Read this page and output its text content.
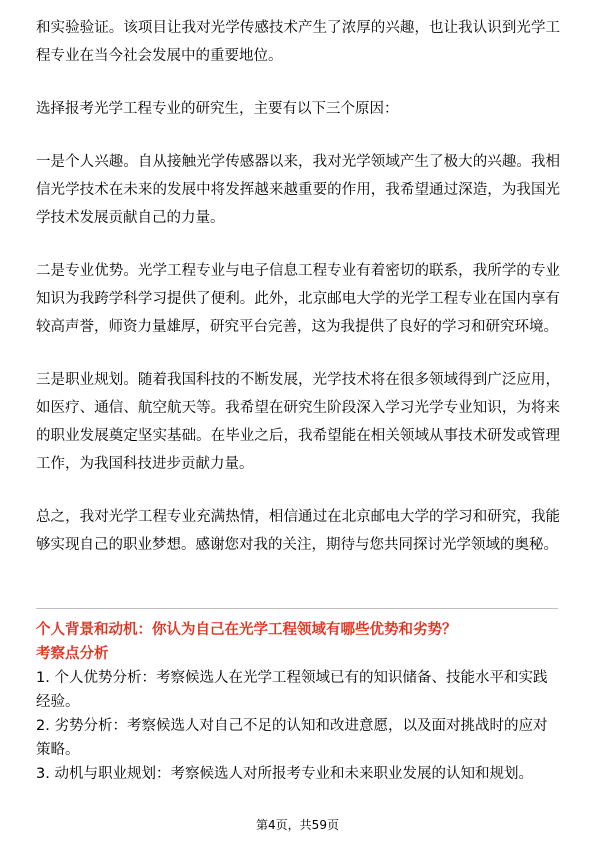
和实验验证。该项目让我对光学传感技术产生了浓厚的兴趣，也让我认识到光学工程专业在当今社会发展中的重要地位。

选择报考光学工程专业的研究生，主要有以下三个原因：

一是个人兴趣。自从接触光学传感器以来，我对光学领域产生了极大的兴趣。我相信光学技术在未来的发展中将发挥越来越重要的作用，我希望通过深造，为我国光学技术发展贡献自己的力量。

二是专业优势。光学工程专业与电子信息工程专业有着密切的联系，我所学的专业知识为我跨学科学习提供了便利。此外，北京邮电大学的光学工程专业在国内享有较高声誉，师资力量雄厚，研究平台完善，这为我提供了良好的学习和研究环境。

三是职业规划。随着我国科技的不断发展，光学技术将在很多领域得到广泛应用，如医疗、通信、航空航天等。我希望在研究生阶段深入学习光学专业知识，为将来的职业发展奠定坚实基础。在毕业之后，我希望能在相关领域从事技术研发或管理工作，为我国科技进步贡献力量。

总之，我对光学工程专业充满热情，相信通过在北京邮电大学的学习和研究，我能够实现自己的职业梦想。感谢您对我的关注，期待与您共同探讨光学领域的奥秘。

个人背景和动机：你认为自己在光学工程领域有哪些优势和劣势？

考察点分析

1. 个人优势分析：考察候选人在光学工程领域已有的知识储备、技能水平和实践经验。

2. 劣势分析：考察候选人对自己不足的认知和改进意愿，以及面对挑战时的应对策略。

3. 动机与职业规划：考察候选人对所报考专业和未来职业发展的认知和规划。

第4页，共59页
